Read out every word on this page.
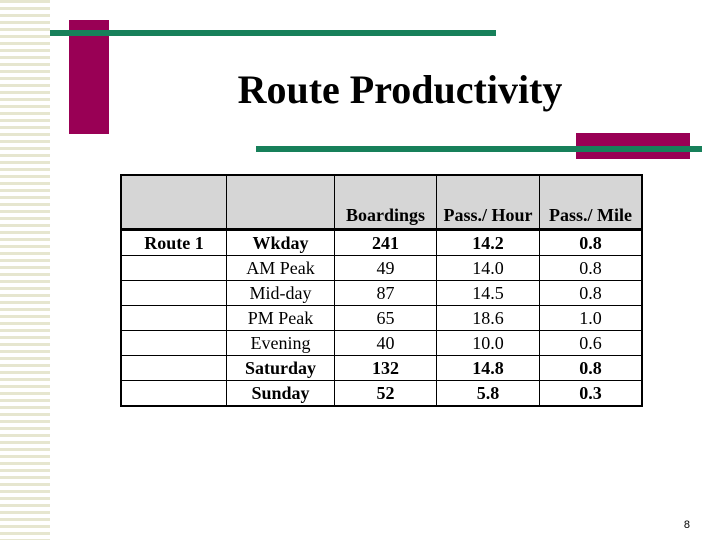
Route Productivity
		Boardings	Pass./ Hour	Pass./ Mile
Route 1	Wkday	241	14.2	0.8
	AM Peak	49	14.0	0.8
	Mid-day	87	14.5	0.8
	PM Peak	65	18.6	1.0
	Evening	40	10.0	0.6
	Saturday	132	14.8	0.8
	Sunday	52	5.8	0.3
8
